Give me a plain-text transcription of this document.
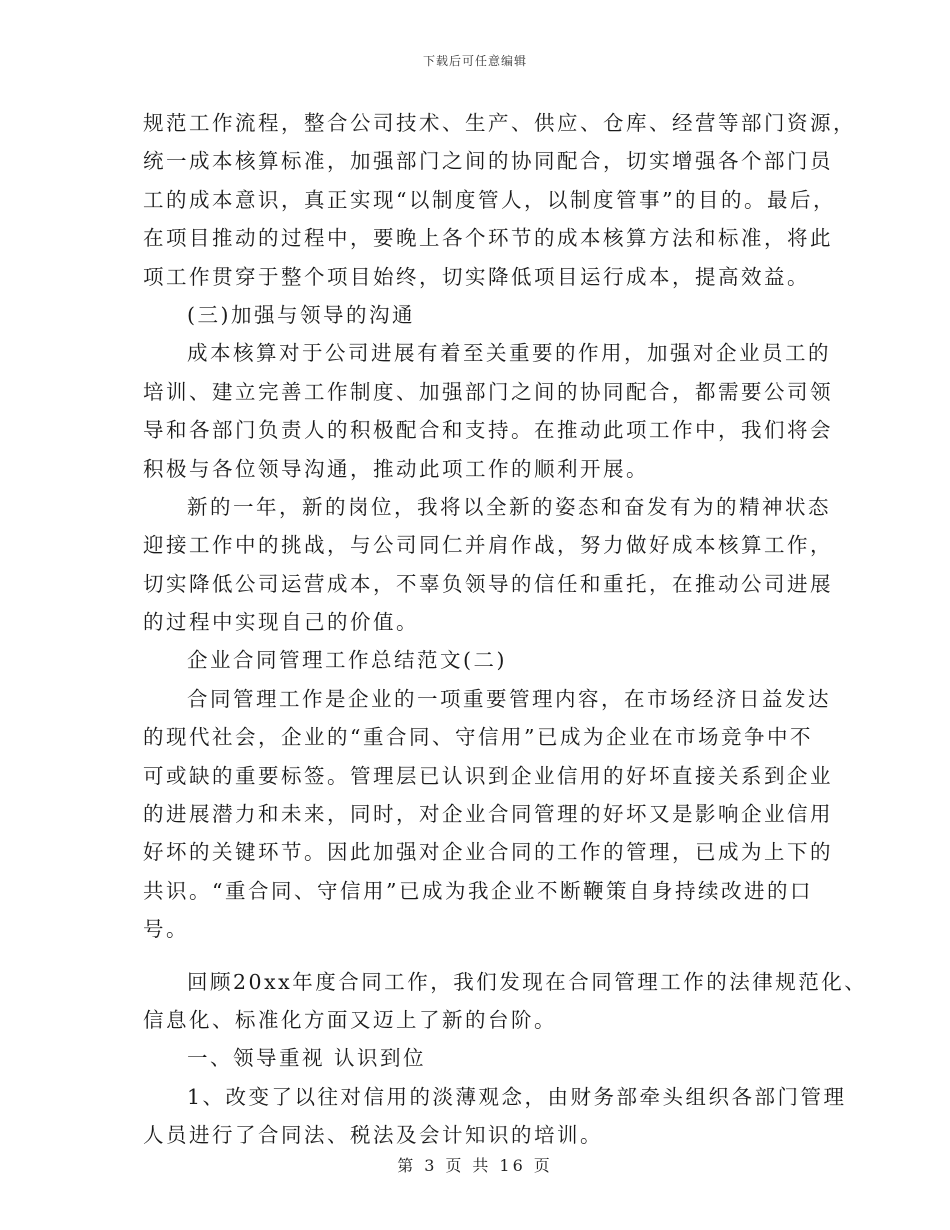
下载后可任意编辑
规范工作流程，整合公司技术、生产、供应、仓库、经营等部门资源，
统一成本核算标准，加强部门之间的协同配合，切实增强各个部门员
工的成本意识，真正实现“以制度管人，以制度管事”的目的。最后，
在项目推动的过程中，要晚上各个环节的成本核算方法和标准，将此
项工作贯穿于整个项目始终，切实降低项目运行成本，提高效益。
(三)加强与领导的沟通
成本核算对于公司进展有着至关重要的作用，加强对企业员工的
培训、建立完善工作制度、加强部门之间的协同配合，都需要公司领
导和各部门负责人的积极配合和支持。在推动此项工作中，我们将会
积极与各位领导沟通，推动此项工作的顺利开展。
新的一年，新的岗位，我将以全新的姿态和奋发有为的精神状态
迎接工作中的挑战，与公司同仁并肩作战，努力做好成本核算工作，
切实降低公司运营成本，不辜负领导的信任和重托，在推动公司进展
的过程中实现自己的价值。
企业合同管理工作总结范文(二)
合同管理工作是企业的一项重要管理内容，在市场经济日益发达
的现代社会，企业的“重合同、守信用”已成为企业在市场竞争中不
可或缺的重要标签。管理层已认识到企业信用的好坏直接关系到企业
的进展潜力和未来，同时，对企业合同管理的好坏又是影响企业信用
好坏的关键环节。因此加强对企业合同的工作的管理，已成为上下的
共识。“重合同、守信用”已成为我企业不断鞭策自身持续改进的口
号。
回顾20xx年度合同工作，我们发现在合同管理工作的法律规范化、
信息化、标准化方面又迈上了新的台阶。
一、领导重视 认识到位
1、改变了以往对信用的淡薄观念，由财务部牵头组织各部门管理
人员进行了合同法、税法及会计知识的培训。
第 3 页 共 16 页
